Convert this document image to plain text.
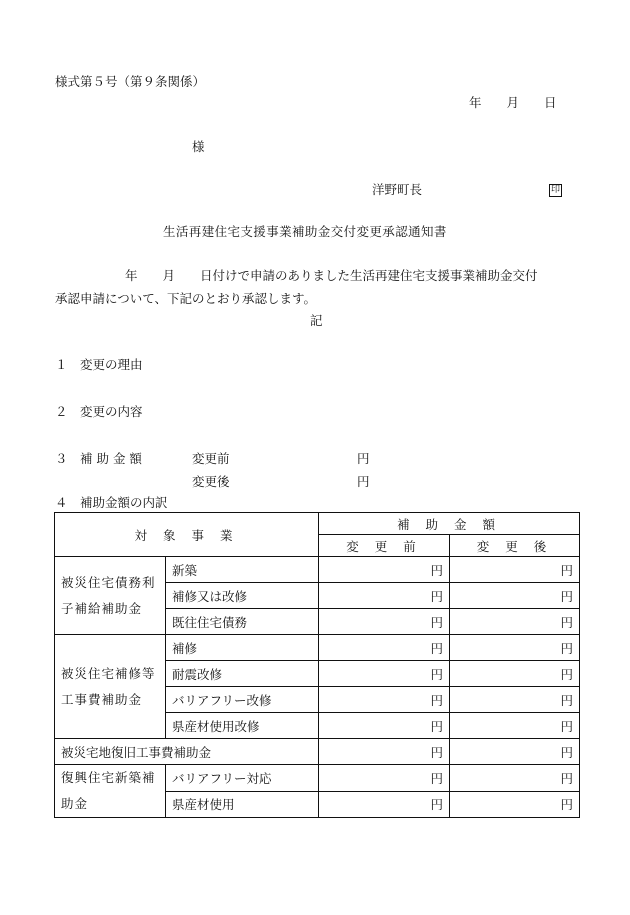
様式第５号（第９条関係）
年　　月　　日
様
洋野町長	印
生活再建住宅支援事業補助金交付変更承認通知書
年　　月　　日付けで申請のありました生活再建住宅支援事業補助金交付
承認申請について、下記のとおり承認します。
記
１　変更の理由
２　変更の内容
３　補 助 金 額	変更前	円
変更後	円
４　補助金額の内訳
対 象 事 業		補 助 金 額	
		変 更 前	変 更 後
被災住宅債務利子補給補助金	新築	円	円
	補修又は改修	円	円
	既往住宅債務	円	円
被災住宅補修等工事費補助金	補修	円	円
	耐震改修	円	円
	バリアフリー改修	円	円
	県産材使用改修	円	円
被災宅地復旧工事費補助金		円	円
復興住宅新築補助金	バリアフリー対応	円	円
	県産材使用	円	円
